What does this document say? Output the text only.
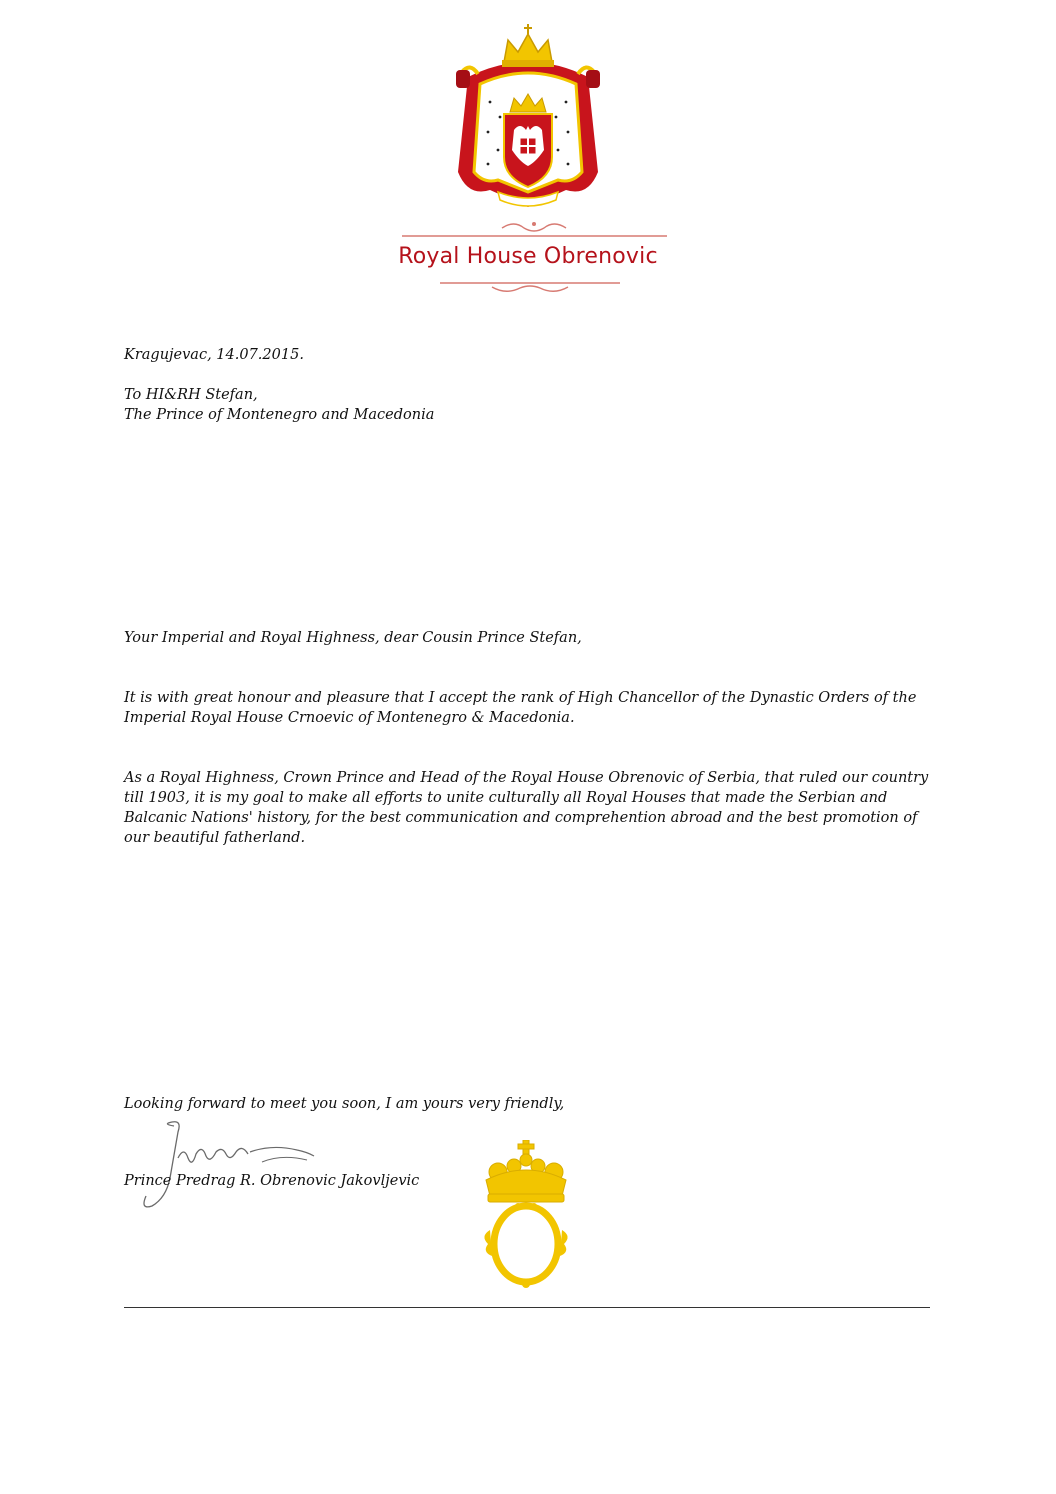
Royal House Obrenovic
Kragujevac, 14.07.2015.
To HI&RH Stefan,
The Prince of Montenegro and Macedonia
Your Imperial and Royal Highness, dear Cousin Prince Stefan,
It is with great honour and pleasure that I accept the rank of High Chancellor of the Dynastic Orders of the Imperial Royal House Crnoevic of Montenegro & Macedonia.
As a Royal Highness, Crown Prince and Head of the Royal House Obrenovic of Serbia, that ruled our country till 1903, it is my goal to make all efforts to unite culturally all Royal Houses that made the Serbian and Balcanic Nations' history, for the best communication and comprehention abroad and the best promotion of our beautiful fatherland.
Looking forward to meet you soon, I am yours very friendly,
Prince Predrag R. Obrenovic Jakovljevic
